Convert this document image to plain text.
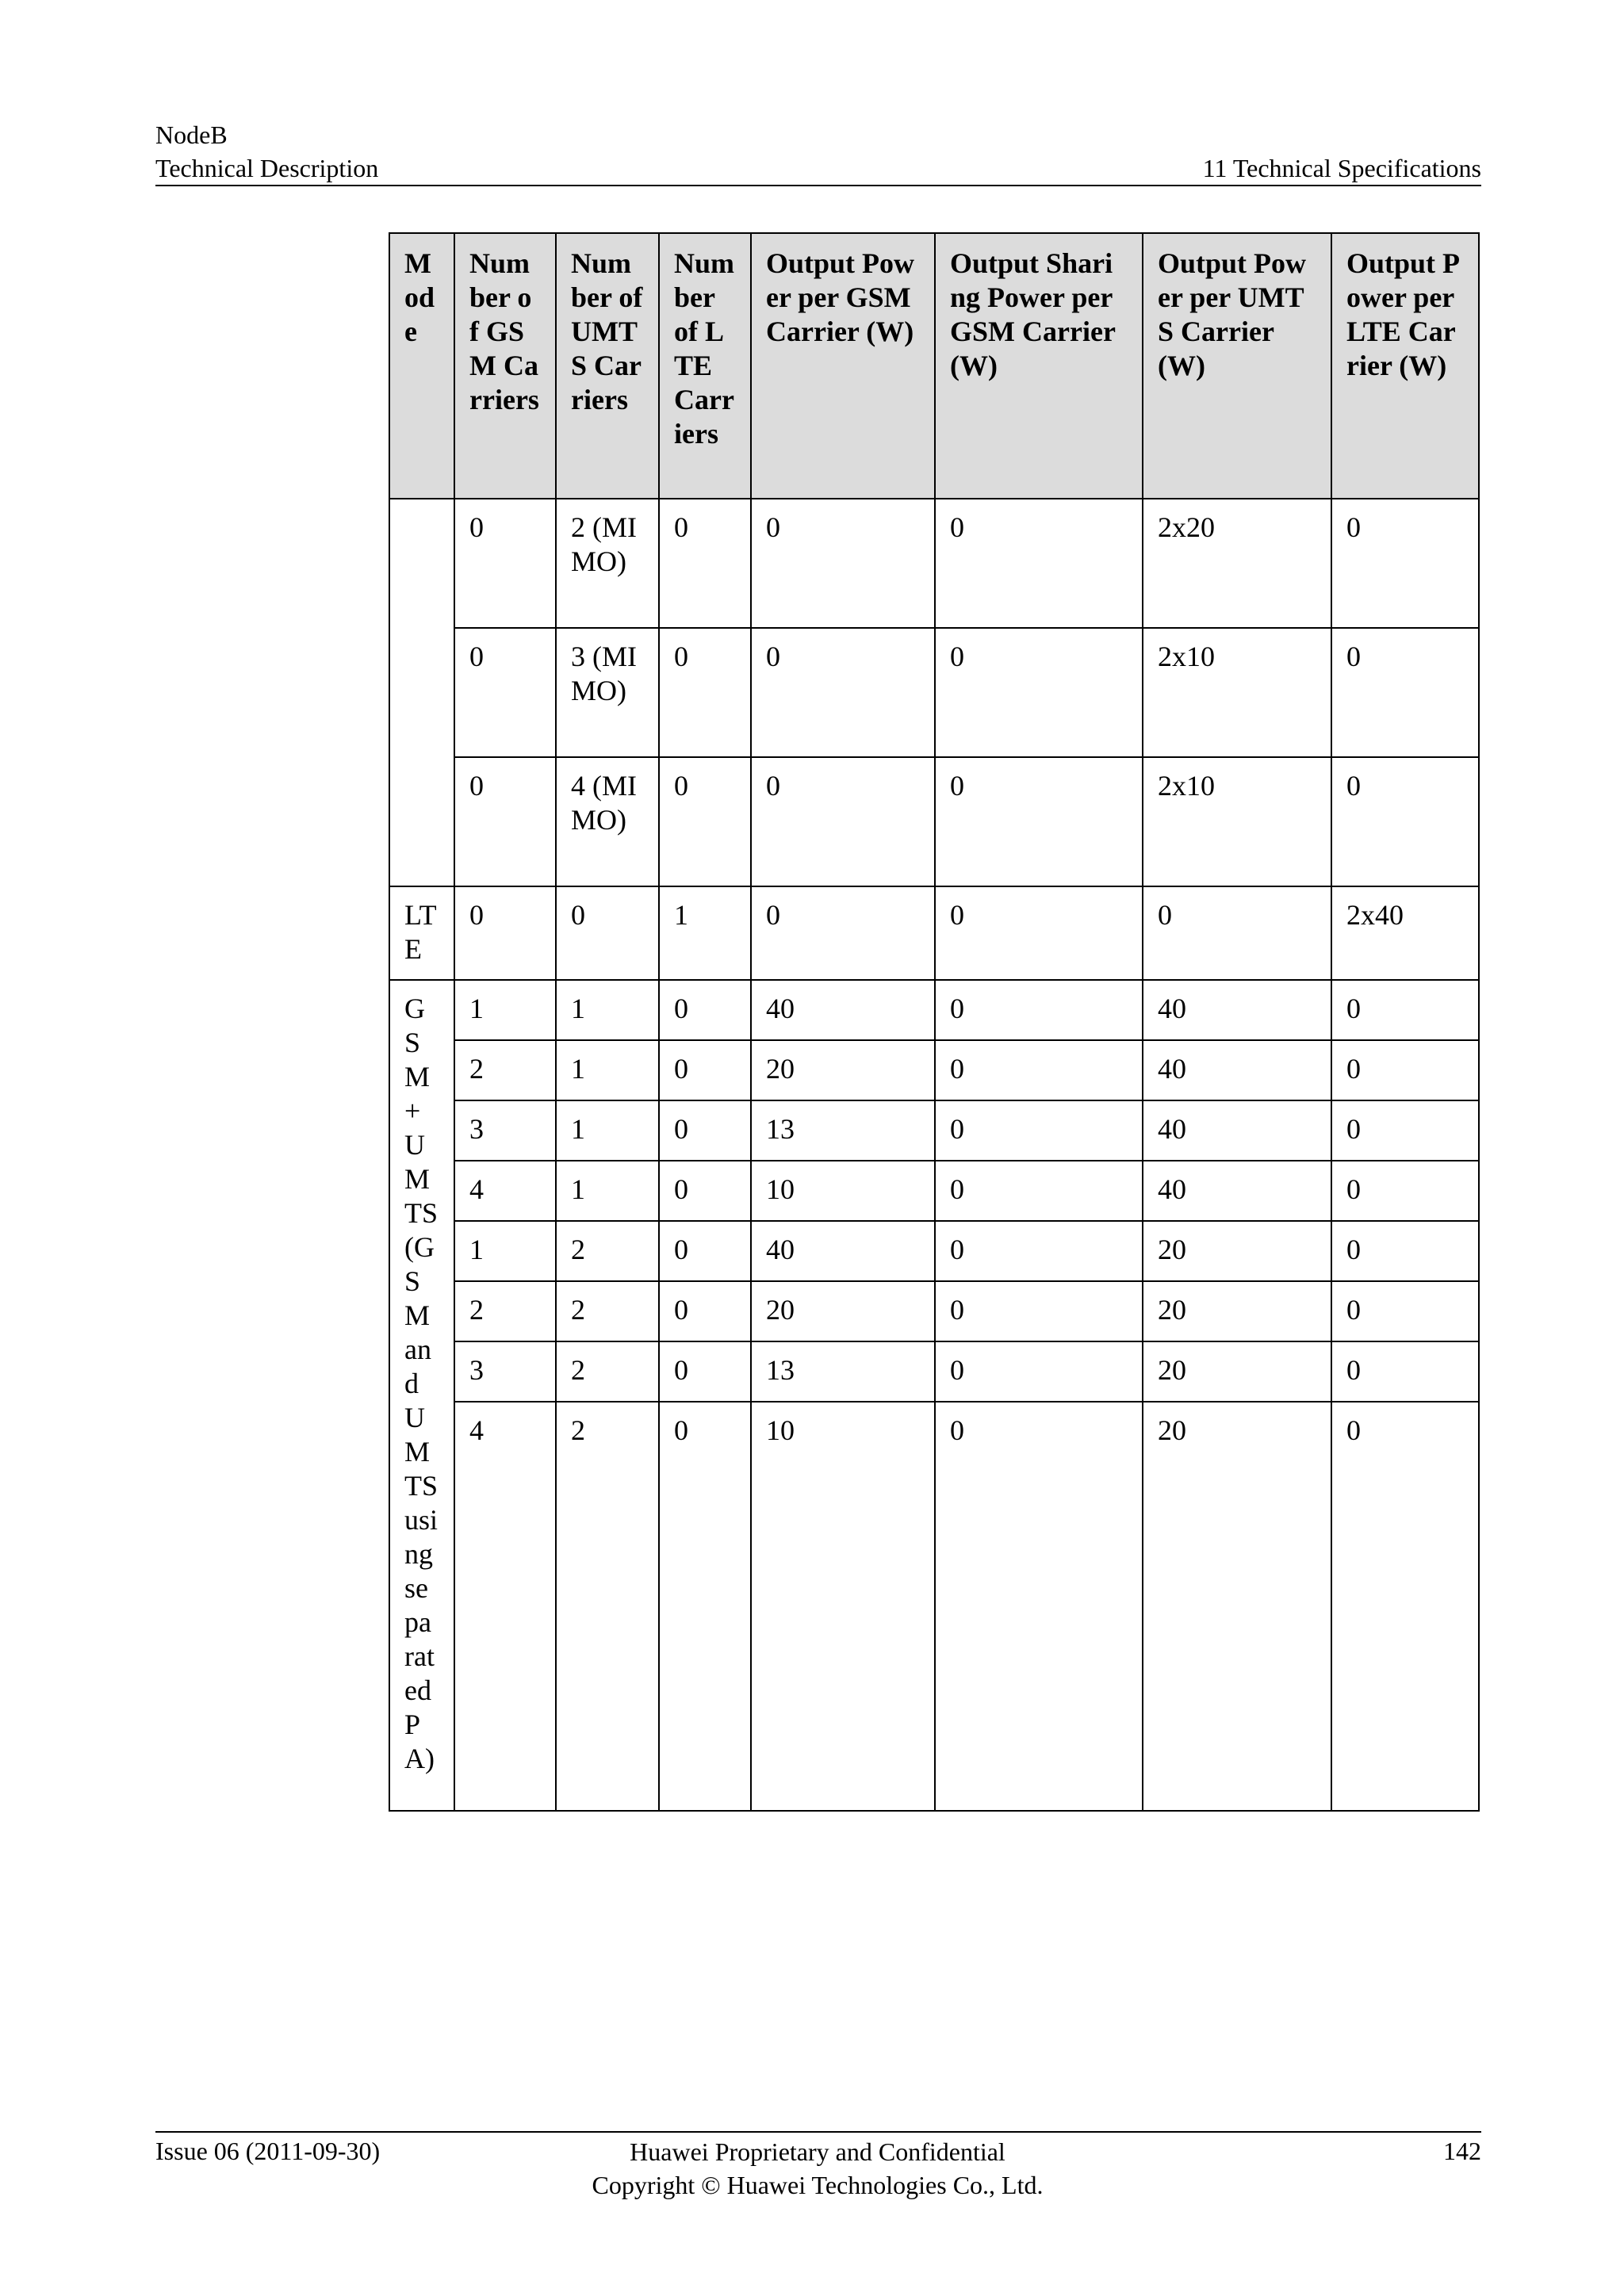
NodeB
Technical Description	11 Technical Specifications
Mode	Number of GSM Carriers	Number of UMTS Carriers	Number of LTE Carriers	Output Power per GSM Carrier (W)	Output Sharing Power per GSM Carrier (W)	Output Power per UMTS Carrier (W)	Output Power per LTE Carrier (W)
	0	2 (MIMO)	0	0	0	2x20	0
	0	3 (MIMO)	0	0	0	2x10	0
	0	4 (MIMO)	0	0	0	2x10	0
LTE	0	0	1	0	0	0	2x40
GSM+UMTS(GSM and UMTS using separated PA)	1	1	0	40	0	40	0
	2	1	0	20	0	40	0
	3	1	0	13	0	40	0
	4	1	0	10	0	40	0
	1	2	0	40	0	20	0
	2	2	0	20	0	20	0
	3	2	0	13	0	20	0
	4	2	0	10	0	20	0
Issue 06 (2011-09-30)	Huawei Proprietary and Confidential
Copyright © Huawei Technologies Co., Ltd.
142
